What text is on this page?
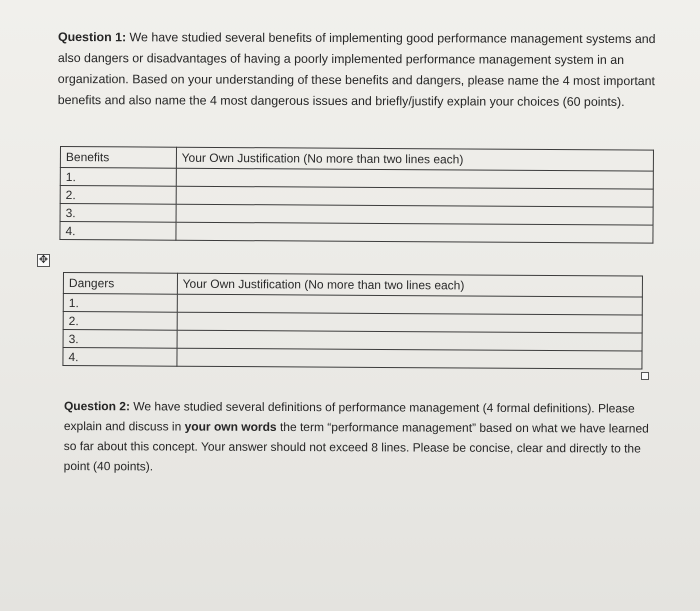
Question 1: We have studied several benefits of implementing good performance management systems and also dangers or disadvantages of having a poorly implemented performance management system in an organization. Based on your understanding of these benefits and dangers, please name the 4 most important benefits and also name the 4 most dangerous issues and briefly/justify explain your choices (60 points).

Benefits	Your Own Justification (No more than two lines each)
1.	
2.	
3.	
4.	
✥
Dangers	Your Own Justification (No more than two lines each)
1.	
2.	
3.	
4.	

Question 2: We have studied several definitions of performance management (4 formal definitions). Please explain and discuss in your own words the term “performance management” based on what we have learned so far about this concept. Your answer should not exceed 8 lines. Please be concise, clear and directly to the point (40 points).
